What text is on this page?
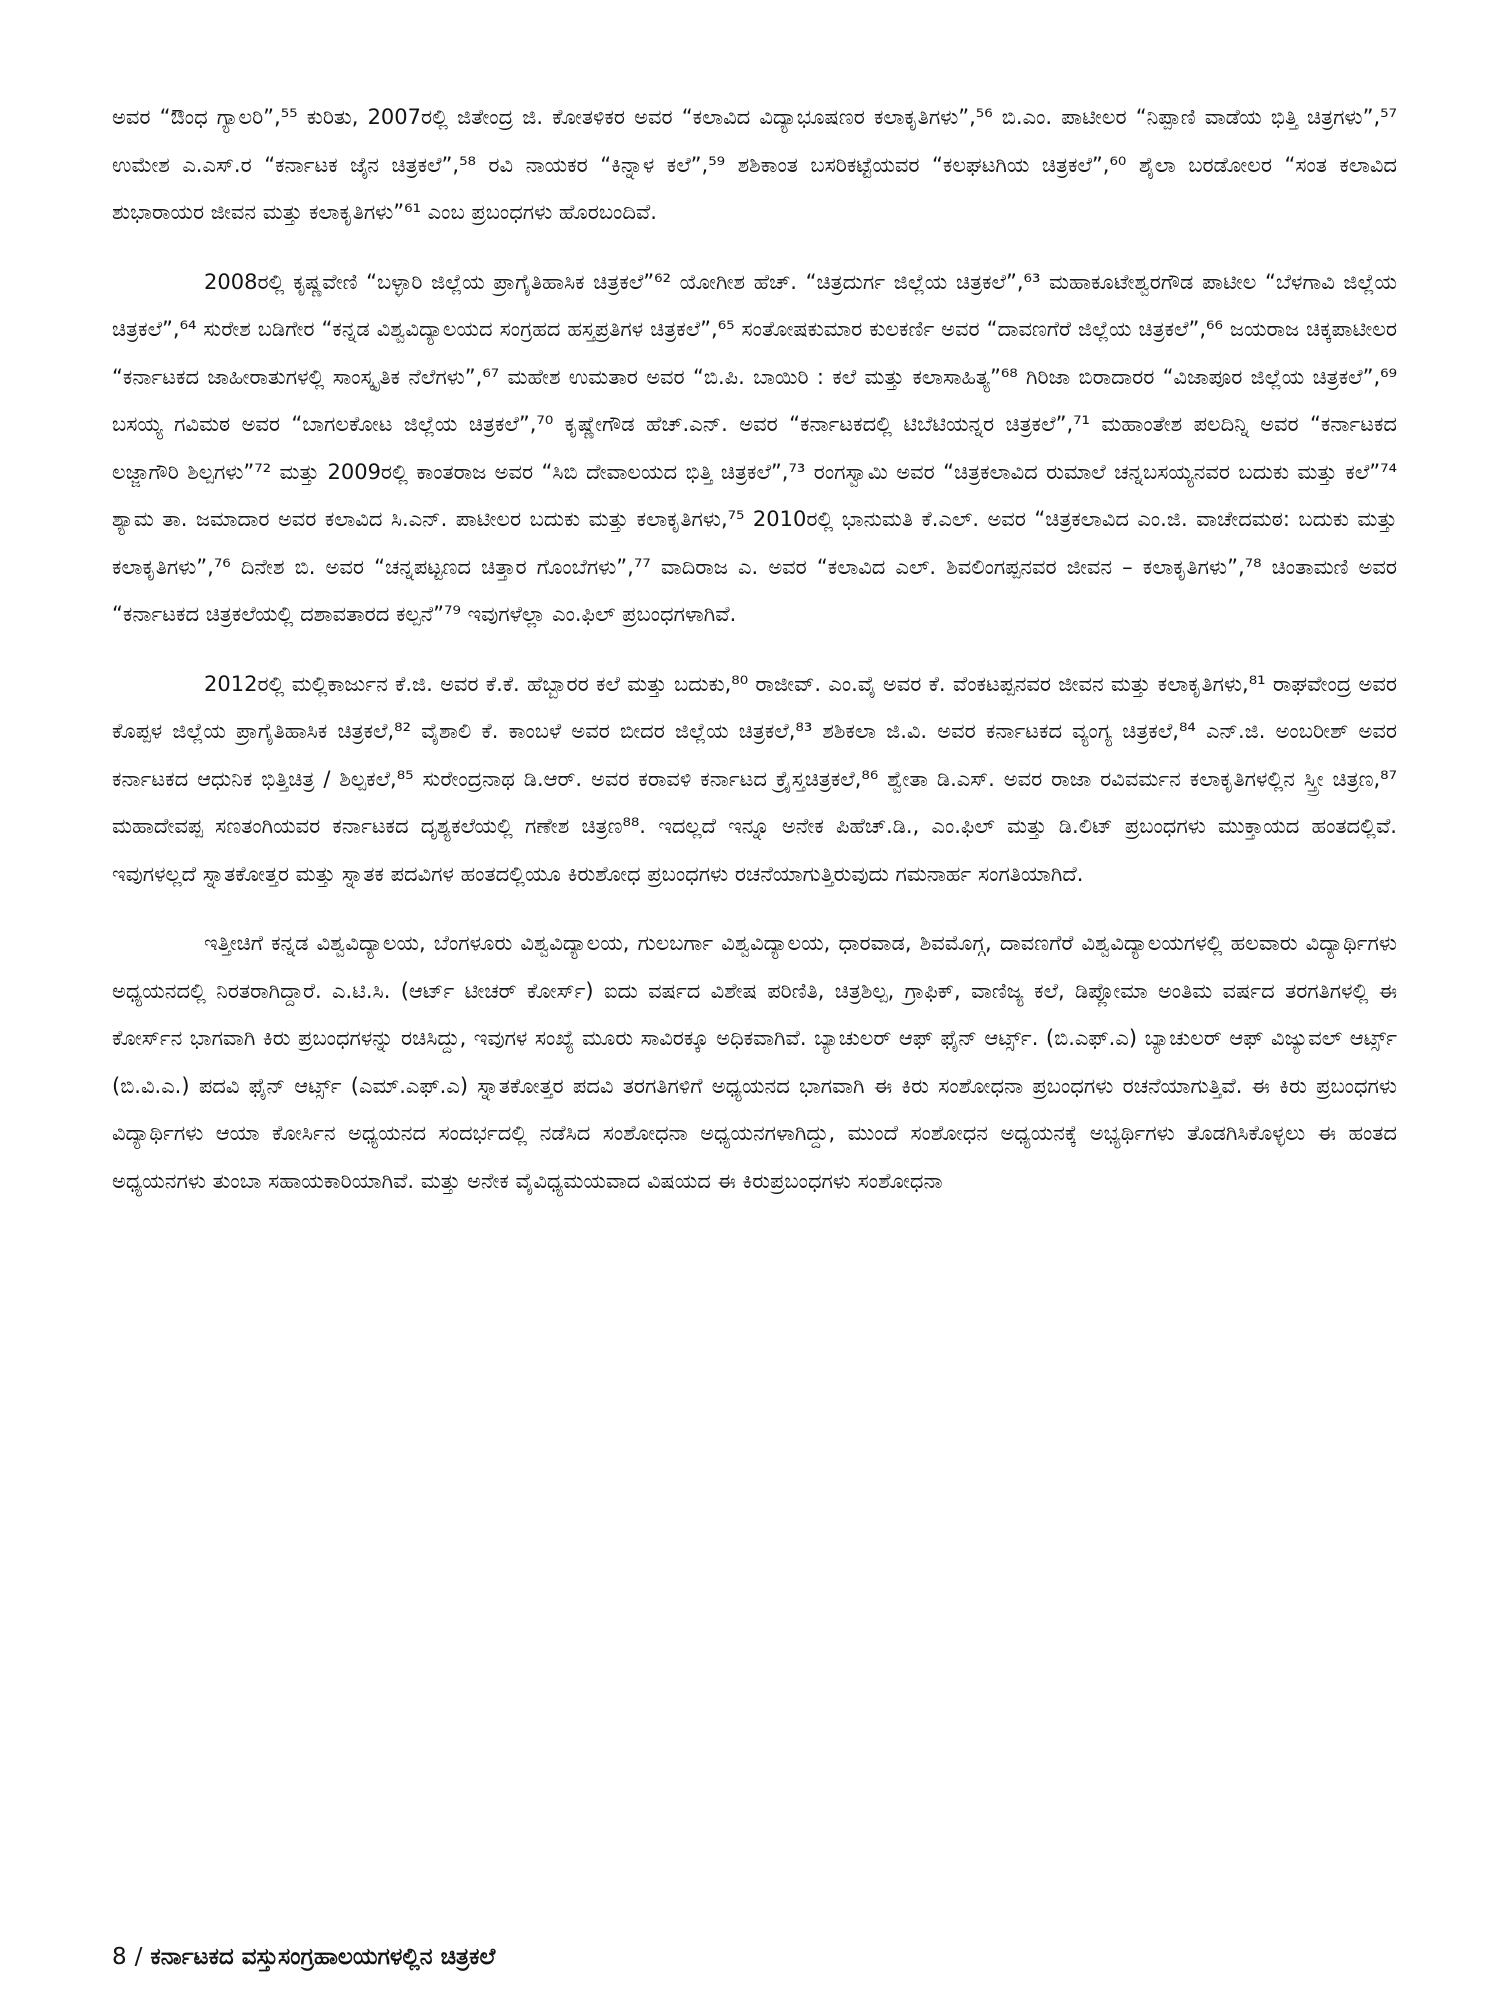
ಅವರ “ಔಂಧ ಗ್ಯಾಲರಿ”,⁵⁵ ಕುರಿತು, 2007ರಲ್ಲಿ ಜಿತೇಂದ್ರ ಜಿ. ಕೋತಳಿಕರ ಅವರ “ಕಲಾವಿದ ವಿದ್ಯಾಭೂಷಣರ ಕಲಾಕೃತಿಗಳು”,⁵⁶ ಬಿ.ಎಂ. ಪಾಟೀಲರ “ನಿಪ್ಪಾಣಿ ವಾಡೆಯ ಭಿತ್ತಿ ಚಿತ್ರಗಳು”,⁵⁷ ಉಮೇಶ ಎ.ಎಸ್.ರ “ಕರ್ನಾಟಕ ಜೈನ ಚಿತ್ರಕಲೆ”,⁵⁸ ರವಿ ನಾಯಕರ “ಕಿನ್ನಾಳ ಕಲೆ”,⁵⁹ ಶಶಿಕಾಂತ ಬಸರಿಕಟ್ಟೆಯವರ “ಕಲಘಟಗಿಯ ಚಿತ್ರಕಲೆ”,⁶⁰ ಶೈಲಾ ಬರಡೋಲರ “ಸಂತ ಕಲಾವಿದ ಶುಭಾರಾಯರ ಜೀವನ ಮತ್ತು ಕಲಾಕೃತಿಗಳು”⁶¹ ಎಂಬ ಪ್ರಬಂಧಗಳು ಹೊರಬಂದಿವೆ.

2008ರಲ್ಲಿ ಕೃಷ್ಣವೇಣಿ “ಬಳ್ಳಾರಿ ಜಿಲ್ಲೆಯ ಪ್ರಾಗೈತಿಹಾಸಿಕ ಚಿತ್ರಕಲೆ”⁶² ಯೋಗೀಶ ಹೆಚ್. “ಚಿತ್ರದುರ್ಗ ಜಿಲ್ಲೆಯ ಚಿತ್ರಕಲೆ”,⁶³ ಮಹಾಕೂಟೇಶ್ವರಗೌಡ ಪಾಟೀಲ “ಬೆಳಗಾವಿ ಜಿಲ್ಲೆಯ ಚಿತ್ರಕಲೆ”,⁶⁴ ಸುರೇಶ ಬಡಿಗೇರ “ಕನ್ನಡ ವಿಶ್ವವಿದ್ಯಾಲಯದ ಸಂಗ್ರಹದ ಹಸ್ತಪ್ರತಿಗಳ ಚಿತ್ರಕಲೆ”,⁶⁵ ಸಂತೋಷಕುಮಾರ ಕುಲಕರ್ಣಿ ಅವರ “ದಾವಣಗೆರೆ ಜಿಲ್ಲೆಯ ಚಿತ್ರಕಲೆ”,⁶⁶ ಜಯರಾಜ ಚಿಕ್ಕಪಾಟೀಲರ “ಕರ್ನಾಟಕದ ಜಾಹೀರಾತುಗಳಲ್ಲಿ ಸಾಂಸ್ಕೃತಿಕ ನೆಲೆಗಳು”,⁶⁷ ಮಹೇಶ ಉಮತಾರ ಅವರ “ಬಿ.ಪಿ. ಬಾಯಿರಿ : ಕಲೆ ಮತ್ತು ಕಲಾಸಾಹಿತ್ಯ”⁶⁸ ಗಿರಿಜಾ ಬಿರಾದಾರರ “ವಿಜಾಪೂರ ಜಿಲ್ಲೆಯ ಚಿತ್ರಕಲೆ”,⁶⁹ ಬಸಯ್ಯ ಗವಿಮಠ ಅವರ “ಬಾಗಲಕೋಟ ಜಿಲ್ಲೆಯ ಚಿತ್ರಕಲೆ”,⁷⁰ ಕೃಷ್ಣೇಗೌಡ ಹೆಚ್.ಎನ್. ಅವರ “ಕರ್ನಾಟಕದಲ್ಲಿ ಟಿಬೆಟಿಯನ್ನರ ಚಿತ್ರಕಲೆ”,⁷¹ ಮಹಾಂತೇಶ ಪಲದಿನ್ನಿ ಅವರ “ಕರ್ನಾಟಕದ ಲಜ್ಜಾಗೌರಿ ಶಿಲ್ಪಗಳು”⁷² ಮತ್ತು 2009ರಲ್ಲಿ ಕಾಂತರಾಜ ಅವರ “ಸಿಬಿ ದೇವಾಲಯದ ಭಿತ್ತಿ ಚಿತ್ರಕಲೆ”,⁷³ ರಂಗಸ್ವಾಮಿ ಅವರ “ಚಿತ್ರಕಲಾವಿದ ರುಮಾಲೆ ಚನ್ನಬಸಯ್ಯನವರ ಬದುಕು ಮತ್ತು ಕಲೆ”⁷⁴ ಶ್ಯಾಮ ತಾ. ಜಮಾದಾರ ಅವರ ಕಲಾವಿದ ಸಿ.ಎನ್. ಪಾಟೀಲರ ಬದುಕು ಮತ್ತು ಕಲಾಕೃತಿಗಳು,⁷⁵ 2010ರಲ್ಲಿ ಭಾನುಮತಿ ಕೆ.ಎಲ್. ಅವರ “ಚಿತ್ರಕಲಾವಿದ ಎಂ.ಜಿ. ವಾಚೇದಮಠ: ಬದುಕು ಮತ್ತು ಕಲಾಕೃತಿಗಳು”,⁷⁶ ದಿನೇಶ ಬಿ. ಅವರ “ಚನ್ನಪಟ್ಟಣದ ಚಿತ್ತಾರ ಗೊಂಬೆಗಳು”,⁷⁷ ವಾದಿರಾಜ ಎ. ಅವರ “ಕಲಾವಿದ ಎಲ್. ಶಿವಲಿಂಗಪ್ಪನವರ ಜೀವನ – ಕಲಾಕೃತಿಗಳು”,⁷⁸ ಚಿಂತಾಮಣಿ ಅವರ “ಕರ್ನಾಟಕದ ಚಿತ್ರಕಲೆಯಲ್ಲಿ ದಶಾವತಾರದ ಕಲ್ಪನೆ”⁷⁹ ಇವುಗಳೆಲ್ಲಾ ಎಂ.ಫಿಲ್ ಪ್ರಬಂಧಗಳಾಗಿವೆ.

2012ರಲ್ಲಿ ಮಲ್ಲಿಕಾರ್ಜುನ ಕೆ.ಜಿ. ಅವರ ಕೆ.ಕೆ. ಹೆಬ್ಬಾರರ ಕಲೆ ಮತ್ತು ಬದುಕು,⁸⁰ ರಾಜೀವ್. ಎಂ.ವೈ ಅವರ ಕೆ. ವೆಂಕಟಪ್ಪನವರ ಜೀವನ ಮತ್ತು ಕಲಾಕೃತಿಗಳು,⁸¹ ರಾಘವೇಂದ್ರ ಅವರ ಕೊಪ್ಪಳ ಜಿಲ್ಲೆಯ ಪ್ರಾಗೈತಿಹಾಸಿಕ ಚಿತ್ರಕಲೆ,⁸² ವೈಶಾಲಿ ಕೆ. ಕಾಂಬಳೆ ಅವರ ಬೀದರ ಜಿಲ್ಲೆಯ ಚಿತ್ರಕಲೆ,⁸³ ಶಶಿಕಲಾ ಜಿ.ವಿ. ಅವರ ಕರ್ನಾಟಕದ ವ್ಯಂಗ್ಯ ಚಿತ್ರಕಲೆ,⁸⁴ ಎನ್.ಜಿ. ಅಂಬರೀಶ್ ಅವರ ಕರ್ನಾಟಕದ ಆಧುನಿಕ ಭಿತ್ತಿಚಿತ್ರ / ಶಿಲ್ಪಕಲೆ,⁸⁵ ಸುರೇಂದ್ರನಾಥ ಡಿ.ಆರ್. ಅವರ ಕರಾವಳಿ ಕರ್ನಾಟದ ಕ್ರೈಸ್ತಚಿತ್ರಕಲೆ,⁸⁶ ಶ್ವೇತಾ ಡಿ.ಎಸ್. ಅವರ ರಾಜಾ ರವಿವರ್ಮನ ಕಲಾಕೃತಿಗಳಲ್ಲಿನ ಸ್ತ್ರೀ ಚಿತ್ರಣ,⁸⁷ ಮಹಾದೇವಪ್ಪ ಸಣತಂಗಿಯವರ ಕರ್ನಾಟಕದ ದೃಶ್ಯಕಲೆಯಲ್ಲಿ ಗಣೇಶ ಚಿತ್ರಣ⁸⁸. ಇದಲ್ಲದೆ ಇನ್ನೂ ಅನೇಕ ಪಿಹೆಚ್.ಡಿ., ಎಂ.ಫಿಲ್ ಮತ್ತು ಡಿ.ಲಿಟ್ ಪ್ರಬಂಧಗಳು ಮುಕ್ತಾಯದ ಹಂತದಲ್ಲಿವೆ. ಇವುಗಳಲ್ಲದೆ ಸ್ನಾತಕೋತ್ತರ ಮತ್ತು ಸ್ನಾತಕ ಪದವಿಗಳ ಹಂತದಲ್ಲಿಯೂ ಕಿರುಶೋಧ ಪ್ರಬಂಧಗಳು ರಚನೆಯಾಗುತ್ತಿರುವುದು ಗಮನಾರ್ಹ ಸಂಗತಿಯಾಗಿದೆ.

ಇತ್ತೀಚಿಗೆ ಕನ್ನಡ ವಿಶ್ವವಿದ್ಯಾಲಯ, ಬೆಂಗಳೂರು ವಿಶ್ವವಿದ್ಯಾಲಯ, ಗುಲಬರ್ಗಾ ವಿಶ್ವವಿದ್ಯಾಲಯ, ಧಾರವಾಡ, ಶಿವಮೊಗ್ಗ, ದಾವಣಗೆರೆ ವಿಶ್ವವಿದ್ಯಾಲಯಗಳಲ್ಲಿ ಹಲವಾರು ವಿದ್ಯಾರ್ಥಿಗಳು ಅಧ್ಯಯನದಲ್ಲಿ ನಿರತರಾಗಿದ್ದಾರೆ. ಎ.ಟಿ.ಸಿ. (ಆರ್ಟ್ ಟೀಚರ್ ಕೋರ್ಸ್) ಐದು ವರ್ಷದ ವಿಶೇಷ ಪರಿಣಿತಿ, ಚಿತ್ರಶಿಲ್ಪ, ಗ್ರಾಫಿಕ್, ವಾಣಿಜ್ಯ ಕಲೆ, ಡಿಪ್ಲೋಮಾ ಅಂತಿಮ ವರ್ಷದ ತರಗತಿಗಳಲ್ಲಿ ಈ ಕೋರ್ಸ್‌ನ ಭಾಗವಾಗಿ ಕಿರು ಪ್ರಬಂಧಗಳನ್ನು ರಚಿಸಿದ್ದು, ಇವುಗಳ ಸಂಖ್ಯೆ ಮೂರು ಸಾವಿರಕ್ಕೂ ಅಧಿಕವಾಗಿವೆ. ಬ್ಯಾಚುಲರ್ ಆಫ್ ಫೈನ್ ಆರ್ಟ್ಸ್. (ಬಿ.ಎಫ್.ಎ) ಬ್ಯಾಚುಲರ್ ಆಫ್ ವಿಜ್ಯುವಲ್ ಆರ್ಟ್ಸ್ (ಬಿ.ವಿ.ಎ.) ಪದವಿ ಫೈನ್ ಆರ್ಟ್ಸ್ (ಎಮ್.ಎಫ್.ಎ) ಸ್ನಾತಕೋತ್ತರ ಪದವಿ ತರಗತಿಗಳಿಗೆ ಅಧ್ಯಯನದ ಭಾಗವಾಗಿ ಈ ಕಿರು ಸಂಶೋಧನಾ ಪ್ರಬಂಧಗಳು ರಚನೆಯಾಗುತ್ತಿವೆ. ಈ ಕಿರು ಪ್ರಬಂಧಗಳು ವಿದ್ಯಾರ್ಥಿಗಳು ಆಯಾ ಕೋರ್ಸಿನ ಅಧ್ಯಯನದ ಸಂದರ್ಭದಲ್ಲಿ ನಡೆಸಿದ ಸಂಶೋಧನಾ ಅಧ್ಯಯನಗಳಾಗಿದ್ದು, ಮುಂದೆ ಸಂಶೋಧನ ಅಧ್ಯಯನಕ್ಕೆ ಅಭ್ಯರ್ಥಿಗಳು ತೊಡಗಿಸಿಕೊಳ್ಳಲು ಈ ಹಂತದ ಅಧ್ಯಯನಗಳು ತುಂಬಾ ಸಹಾಯಕಾರಿಯಾಗಿವೆ. ಮತ್ತು ಅನೇಕ ವೈವಿಧ್ಯಮಯವಾದ ವಿಷಯದ ಈ ಕಿರುಪ್ರಬಂಧಗಳು ಸಂಶೋಧನಾ

8 / ಕರ್ನಾಟಕದ ವಸ್ತುಸಂಗ್ರಹಾಲಯಗಳಲ್ಲಿನ ಚಿತ್ರಕಲೆ
